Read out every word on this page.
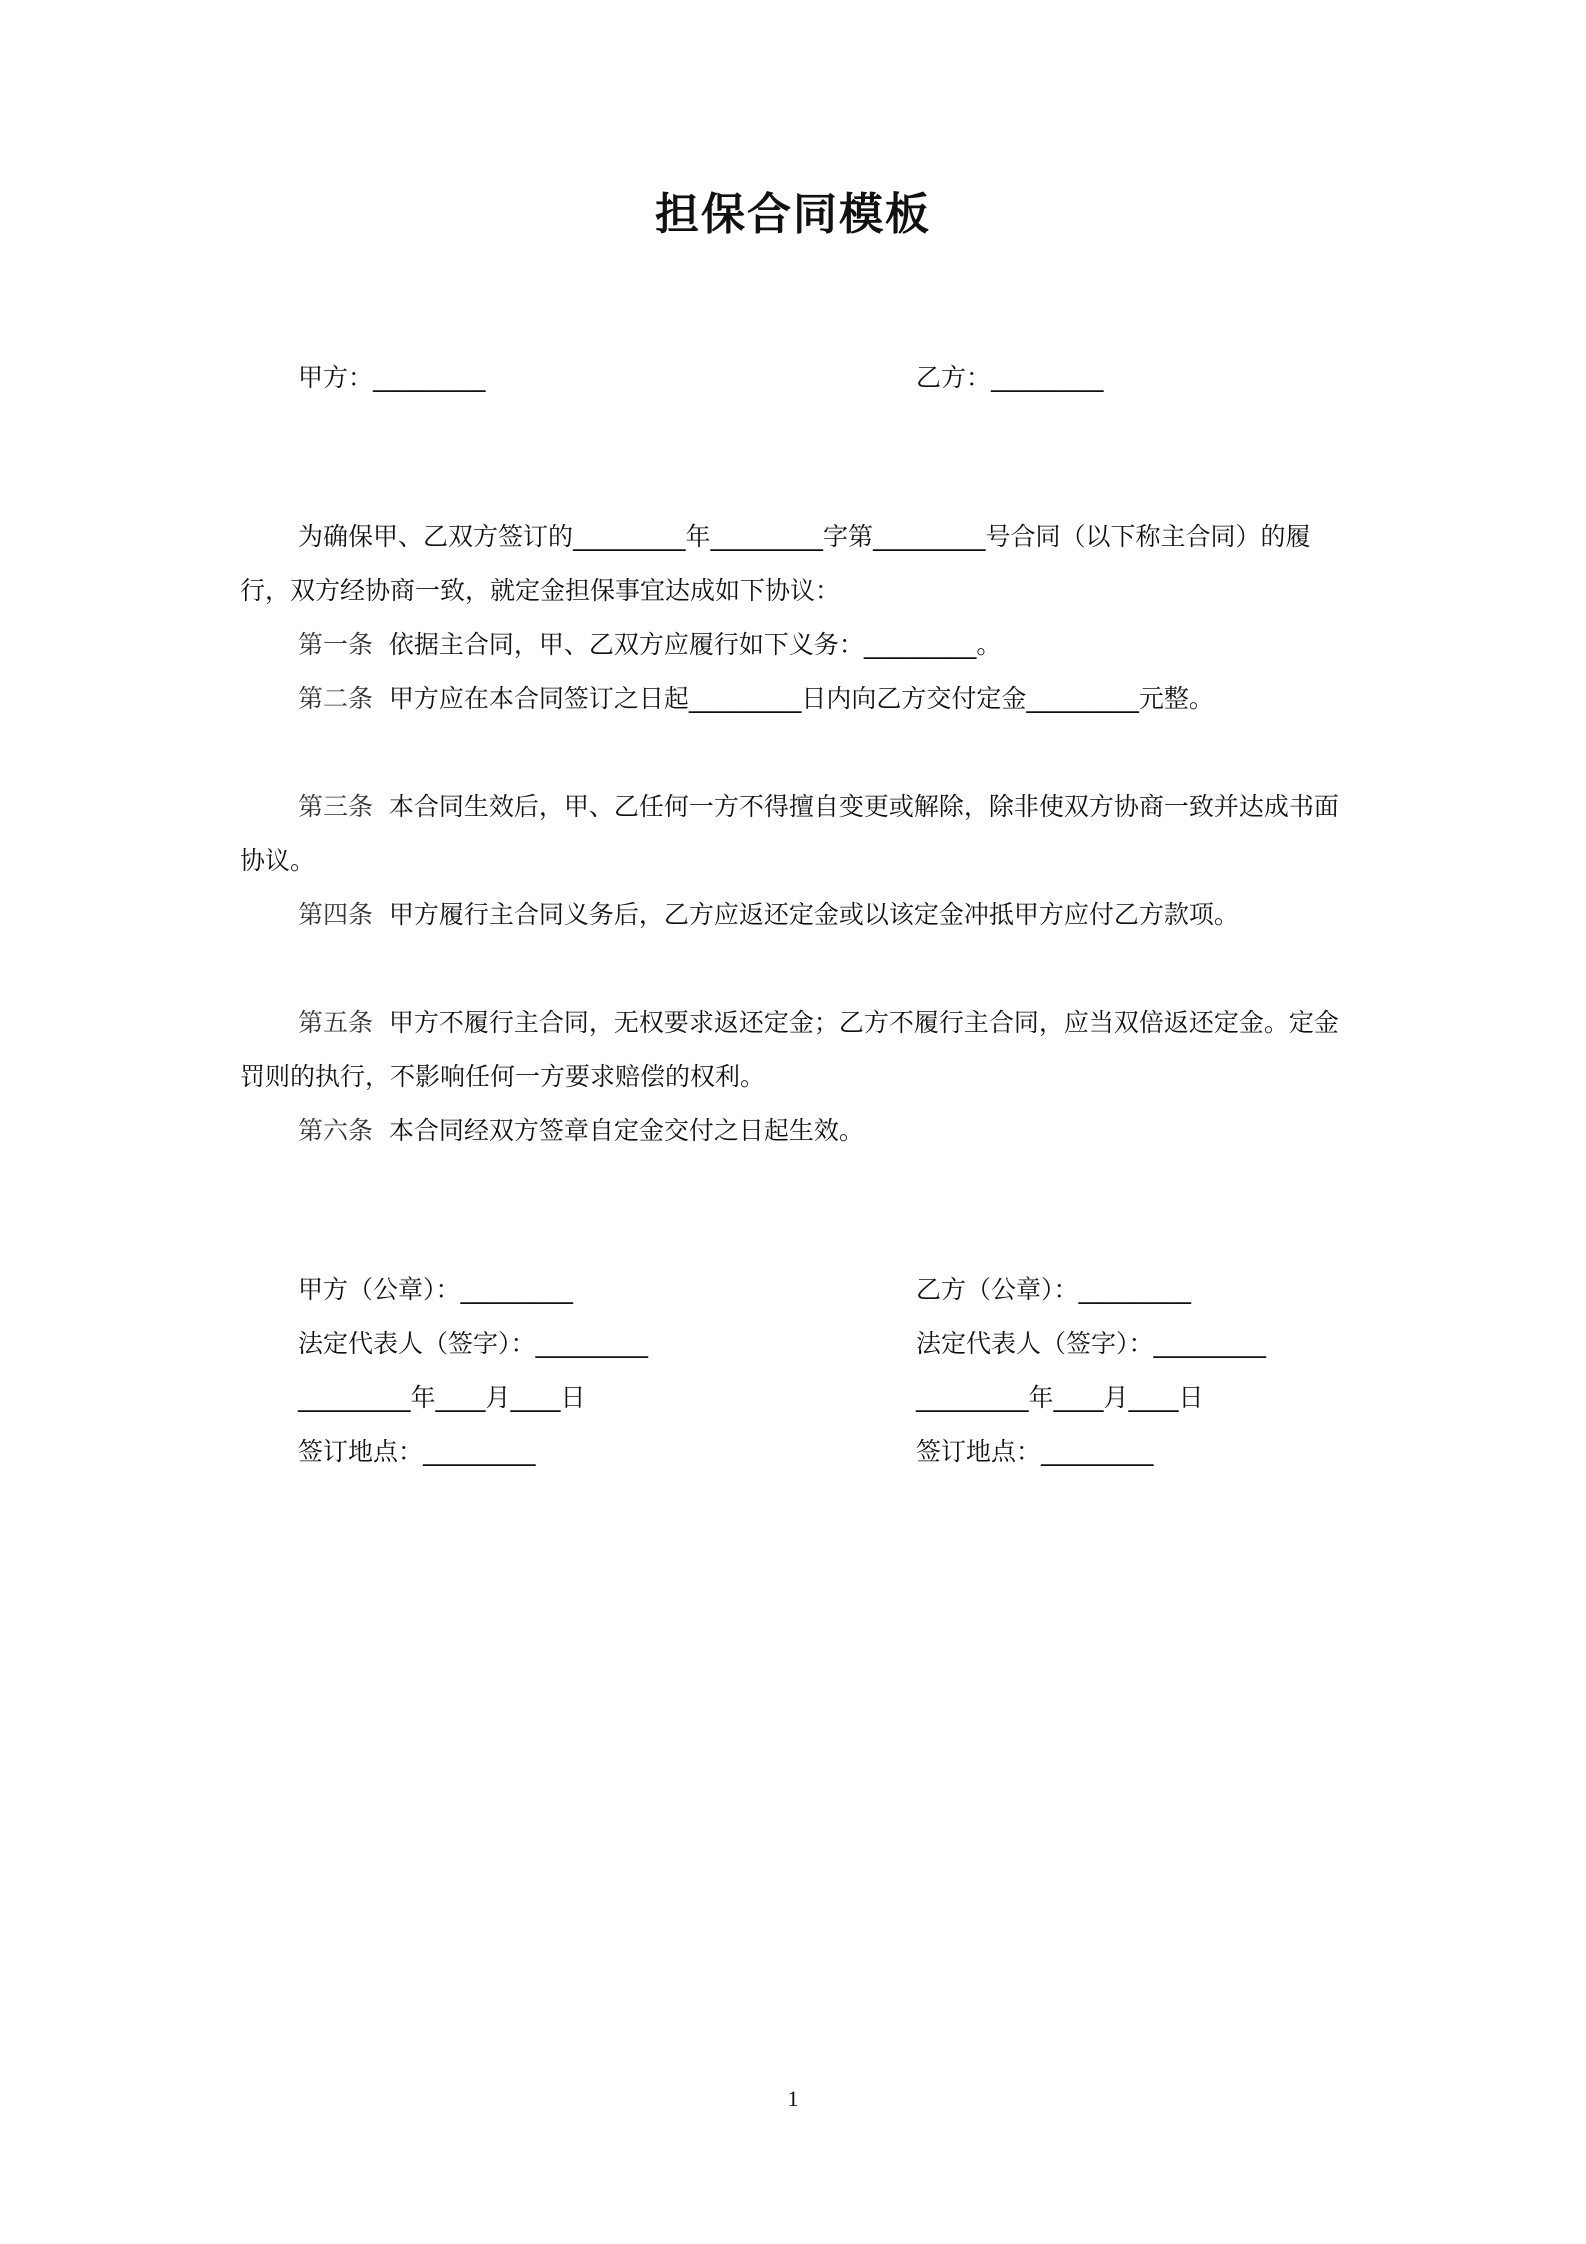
担保合同模板
甲方：_________	乙方：_________
为确保甲、乙双方签订的_________年_________字第_________号合同（以下称主合同）的履行，双方经协商一致，就定金担保事宜达成如下协议：
第一条 依据主合同，甲、乙双方应履行如下义务：_________。
第二条 甲方应在本合同签订之日起_________日内向乙方交付定金_________元整。
第三条 本合同生效后，甲、乙任何一方不得擅自变更或解除，除非使双方协商一致并达成书面协议。
第四条 甲方履行主合同义务后，乙方应返还定金或以该定金冲抵甲方应付乙方款项。
第五条 甲方不履行主合同，无权要求返还定金；乙方不履行主合同，应当双倍返还定金。定金罚则的执行，不影响任何一方要求赔偿的权利。
第六条 本合同经双方签章自定金交付之日起生效。
甲方（公章）：_________
法定代表人（签字）：_________
_________年____月____日
签订地点：_________
乙方（公章）：_________
法定代表人（签字）：_________
_________年____月____日
签订地点：_________
1
